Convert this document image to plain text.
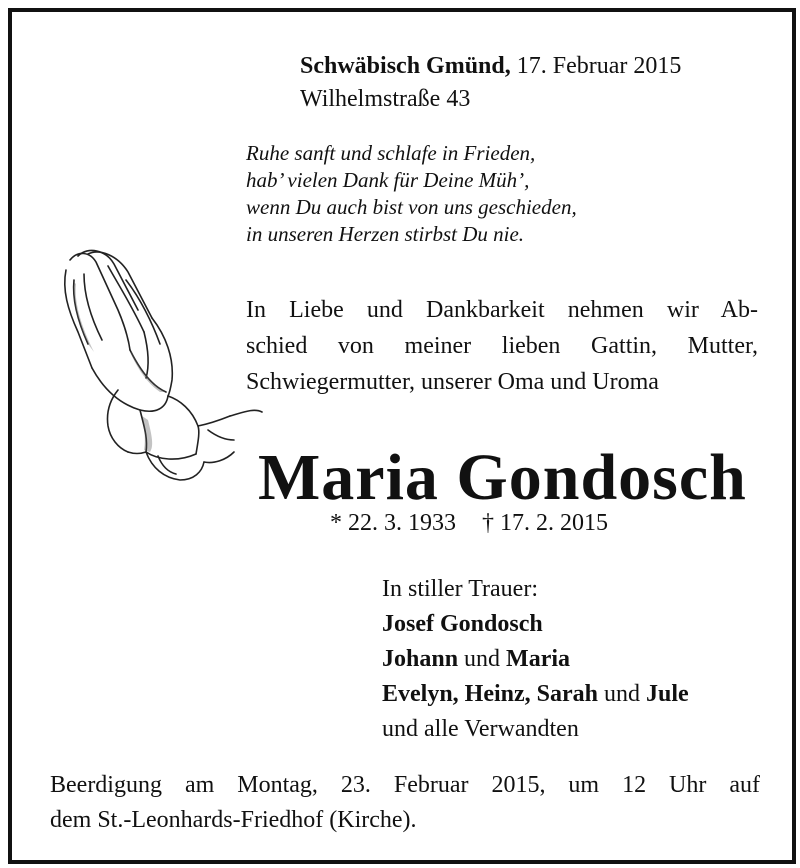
Schwäbisch Gmünd, 17. Februar 2015
Wilhelmstraße 43
Ruhe sanft und schlafe in Frieden,
hab’ vielen Dank für Deine Müh’,
wenn Du auch bist von uns geschieden,
in unseren Herzen stirbst Du nie.
In Liebe und Dankbarkeit nehmen wir Ab-
schied von meiner lieben Gattin, Mutter,
Schwiegermutter, unserer Oma und Uroma
Maria Gondosch
* 22. 3. 1933 † 17. 2. 2015
In stiller Trauer:
Josef Gondosch
Johann und Maria
Evelyn, Heinz, Sarah und Jule
und alle Verwandten
Beerdigung am Montag, 23. Februar 2015, um 12 Uhr auf
dem St.-Leonhards-Friedhof (Kirche).
